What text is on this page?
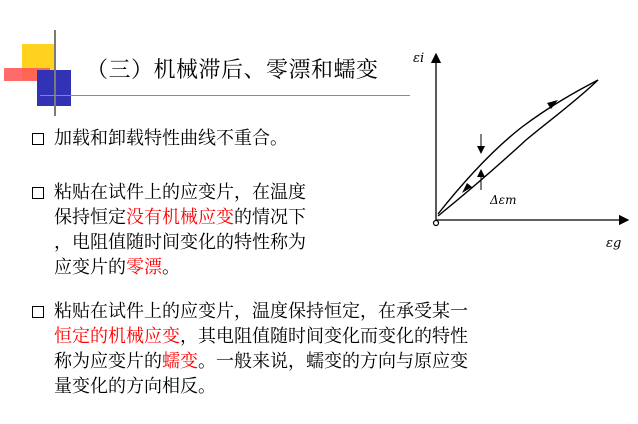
（三）机械滞后、零漂和蠕变
加载和卸载特性曲线不重合。
粘贴在试件上的应变片，在温度
保持恒定没有机械应变的情况下
，电阻值随时间变化的特性称为
应变片的零漂。
粘贴在试件上的应变片，温度保持恒定，在承受某一
恒定的机械应变，其电阻值随时间变化而变化的特性
称为应变片的蠕变。一般来说，蠕变的方向与原应变
量变化的方向相反。
εi
εg
Δεm
